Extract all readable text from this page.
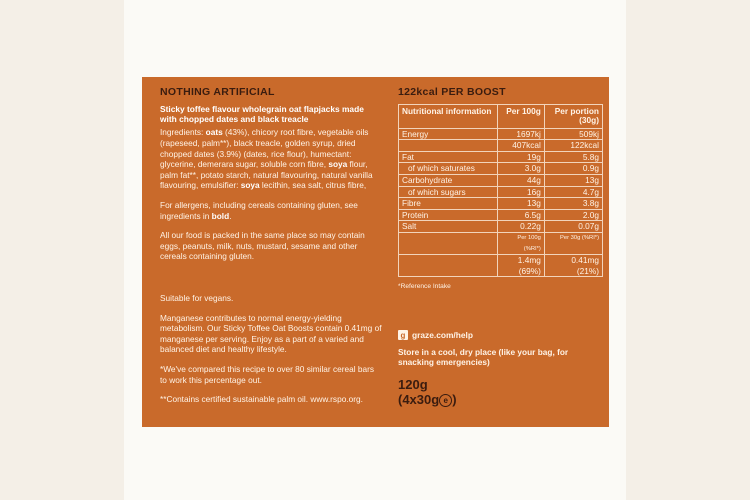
NOTHING ARTIFICIAL
Sticky toffee flavour wholegrain oat flapjacks made with chopped dates and black treacle

Ingredients: oats (43%), chicory root fibre, vegetable oils (rapeseed, palm**), black treacle, golden syrup, dried chopped dates (3.9%) (dates, rice flour), humectant: glycerine, demerara sugar, soluble corn fibre, soya flour, palm fat**, potato starch, natural flavouring, natural vanilla flavouring, emulsifier: soya lecithin, sea salt, citrus fibre,

For allergens, including cereals containing gluten, see ingredients in bold.

All our food is packed in the same place so may contain eggs, peanuts, milk, nuts, mustard, sesame and other cereals containing gluten.

Suitable for vegans.

Manganese contributes to normal energy-yielding metabolism. Our Sticky Toffee Oat Boosts contain 0.41mg of manganese per serving. Enjoy as a part of a varied and balanced diet and healthy lifestyle.

*We've compared this recipe to over 80 similar cereal bars to work this percentage out.

**Contains certified sustainable palm oil. www.rspo.org.

122kcal PER BOOST
Nutritional information	Per 100g	Per portion (30g)
Energy	1697kj	509kj
	407kcal	122kcal
Fat	19g	5.8g
of which saturates	3.0g	0.9g
Carbohydrate	44g	13g
of which sugars	16g	4.7g
Fibre	13g	3.8g
Protein	6.5g	2.0g
Salt	0.22g	0.07g
	Per 100g (%RI*)	Per 30g (%RI*)
	1.4mg (69%)	0.41mg (21%)
*Reference Intake
g graze.com/help
Store in a cool, dry place (like your bag, for snacking emergencies)
120g
(4x30g e )
